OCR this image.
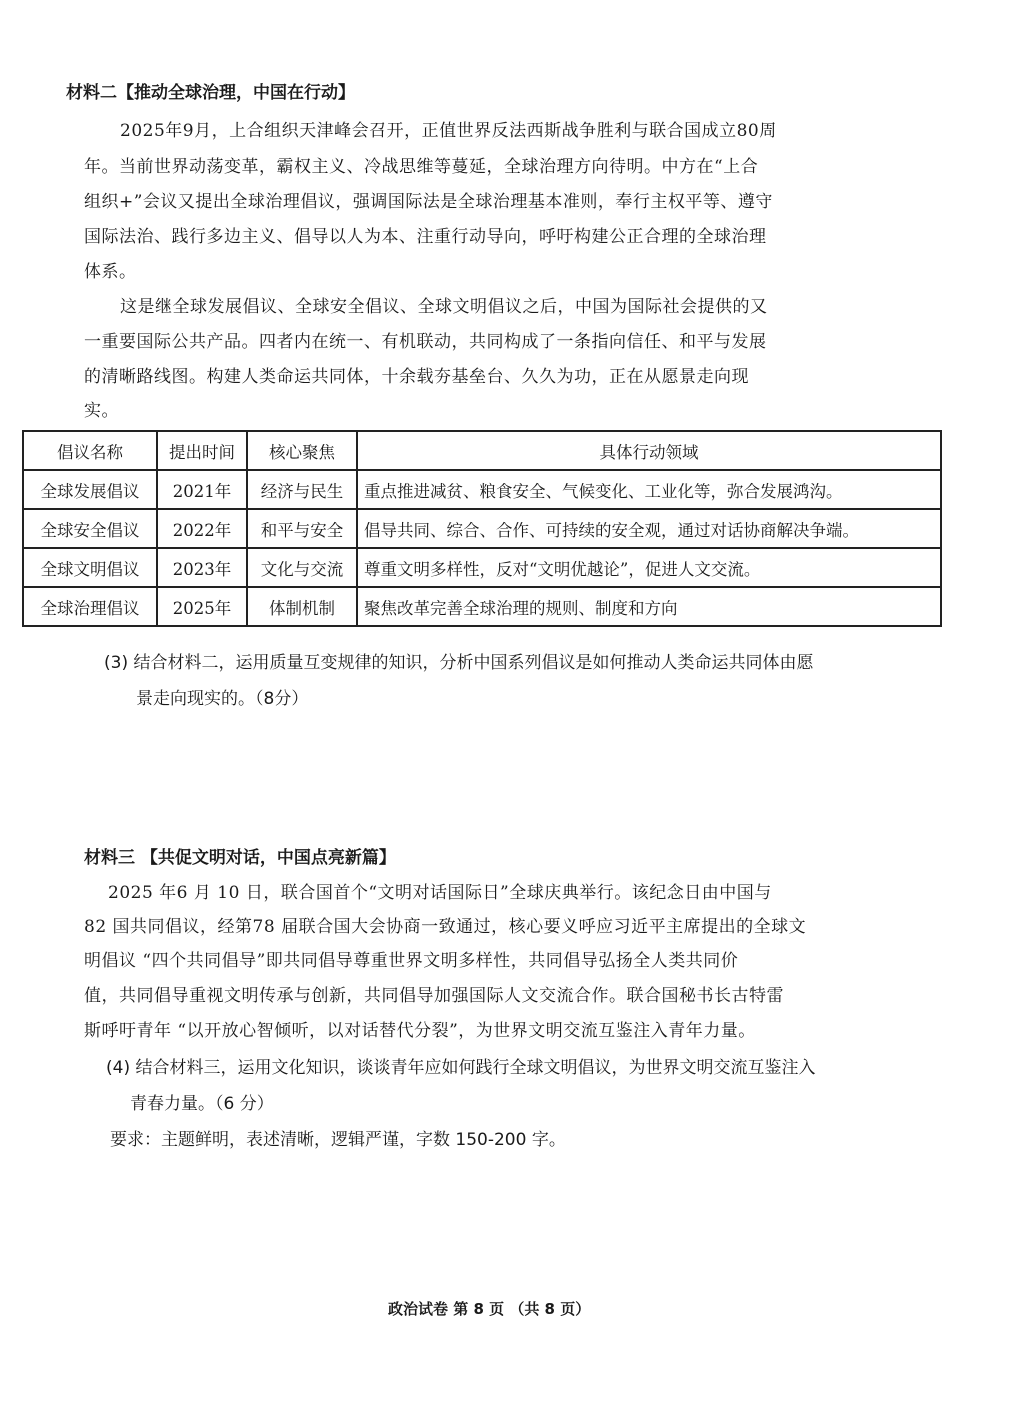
材料二【推动全球治理，中国在行动】
2025年9月，上合组织天津峰会召开，正值世界反法西斯战争胜利与联合国成立80周
年。当前世界动荡变革，霸权主义、冷战思维等蔓延，全球治理方向待明。中方在“上合
组织+”会议又提出全球治理倡议，强调国际法是全球治理基本准则，奉行主权平等、遵守
国际法治、践行多边主义、倡导以人为本、注重行动导向，呼吁构建公正合理的全球治理
体系。
这是继全球发展倡议、全球安全倡议、全球文明倡议之后，中国为国际社会提供的又
一重要国际公共产品。四者内在统一、有机联动，共同构成了一条指向信任、和平与发展
的清晰路线图。构建人类命运共同体，十余载夯基垒台、久久为功，正在从愿景走向现
实。
倡议名称	提出时间	核心聚焦	具体行动领域
全球发展倡议	2021年	经济与民生	重点推进减贫、粮食安全、气候变化、工业化等，弥合发展鸿沟。
全球安全倡议	2022年	和平与安全	倡导共同、综合、合作、可持续的安全观，通过对话协商解决争端。
全球文明倡议	2023年	文化与交流	尊重文明多样性，反对“文明优越论”，促进人文交流。
全球治理倡议	2025年	体制机制	聚焦改革完善全球治理的规则、制度和方向
(3) 结合材料二，运用质量互变规律的知识，分析中国系列倡议是如何推动人类命运共同体由愿
景走向现实的。（8分）
材料三 【共促文明对话，中国点亮新篇】
2025 年6 月 10 日，联合国首个“文明对话国际日”全球庆典举行。该纪念日由中国与
82 国共同倡议，经第78 届联合国大会协商一致通过，核心要义呼应习近平主席提出的全球文
明倡议 “四个共同倡导”即共同倡导尊重世界文明多样性，共同倡导弘扬全人类共同价
值，共同倡导重视文明传承与创新，共同倡导加强国际人文交流合作。联合国秘书长古特雷
斯呼吁青年 “以开放心智倾听，以对话替代分裂”，为世界文明交流互鉴注入青年力量。
(4) 结合材料三，运用文化知识，谈谈青年应如何践行全球文明倡议，为世界文明交流互鉴注入
青春力量。（6 分）
要求：主题鲜明，表述清晰，逻辑严谨，字数 150-200 字。
政治试卷 第 8 页 （共 8 页）
